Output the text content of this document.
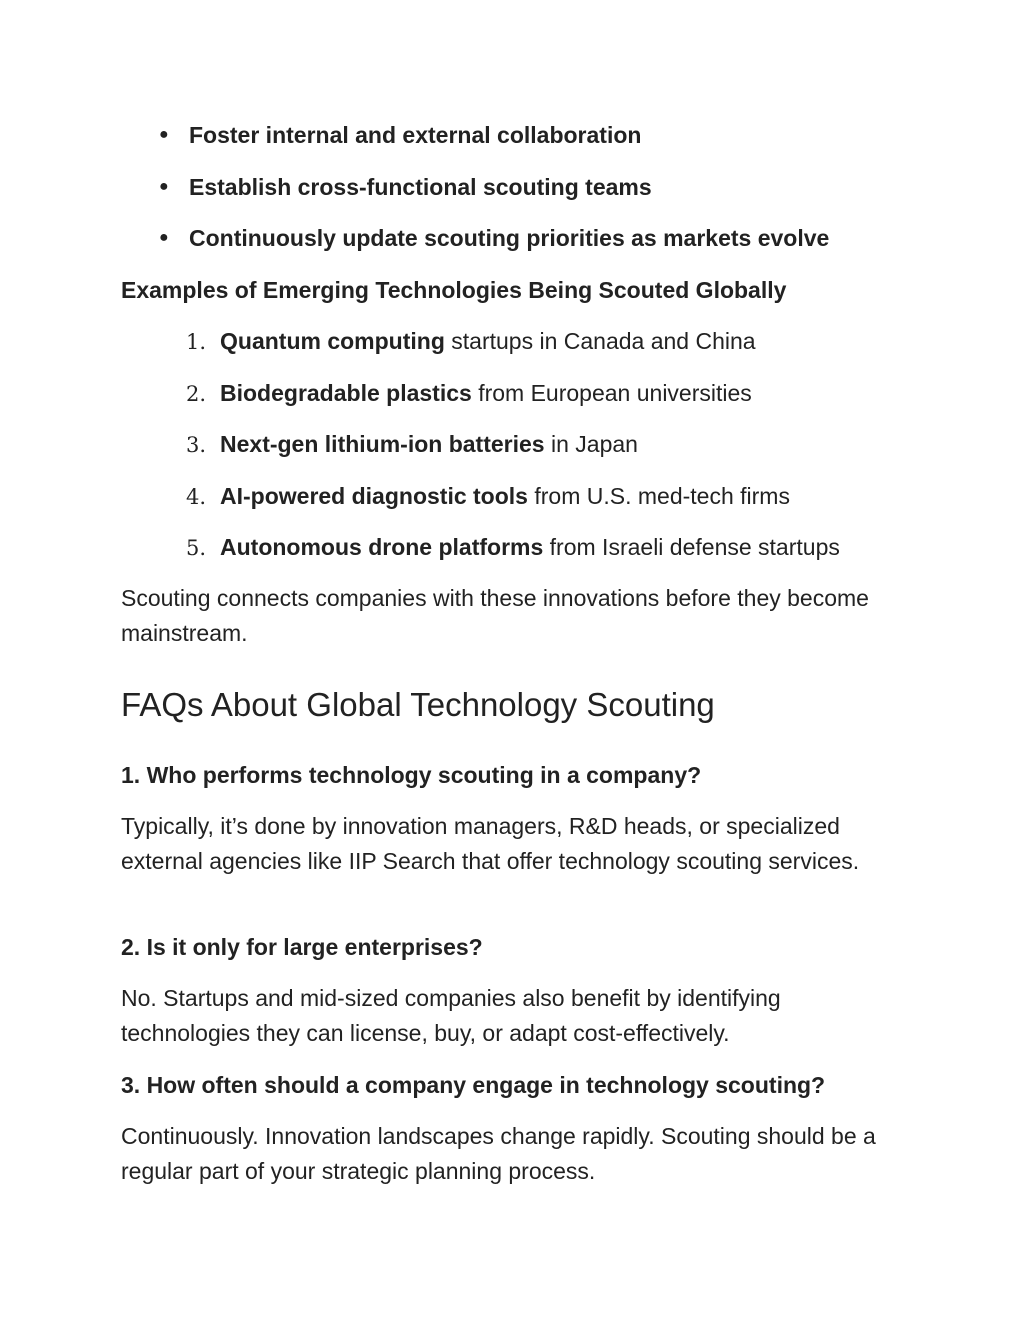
● Foster internal and external collaboration
● Establish cross-functional scouting teams
● Continuously update scouting priorities as markets evolve
Examples of Emerging Technologies Being Scouted Globally
1. Quantum computing startups in Canada and China
2. Biodegradable plastics from European universities
3. Next-gen lithium-ion batteries in Japan
4. AI-powered diagnostic tools from U.S. med-tech firms
5. Autonomous drone platforms from Israeli defense startups
Scouting connects companies with these innovations before they become mainstream.
FAQs About Global Technology Scouting
1. Who performs technology scouting in a company?
Typically, it’s done by innovation managers, R&D heads, or specialized external agencies like IIP Search that offer technology scouting services.
2. Is it only for large enterprises?
No. Startups and mid-sized companies also benefit by identifying technologies they can license, buy, or adapt cost-effectively.
3. How often should a company engage in technology scouting?
Continuously. Innovation landscapes change rapidly. Scouting should be a regular part of your strategic planning process.
